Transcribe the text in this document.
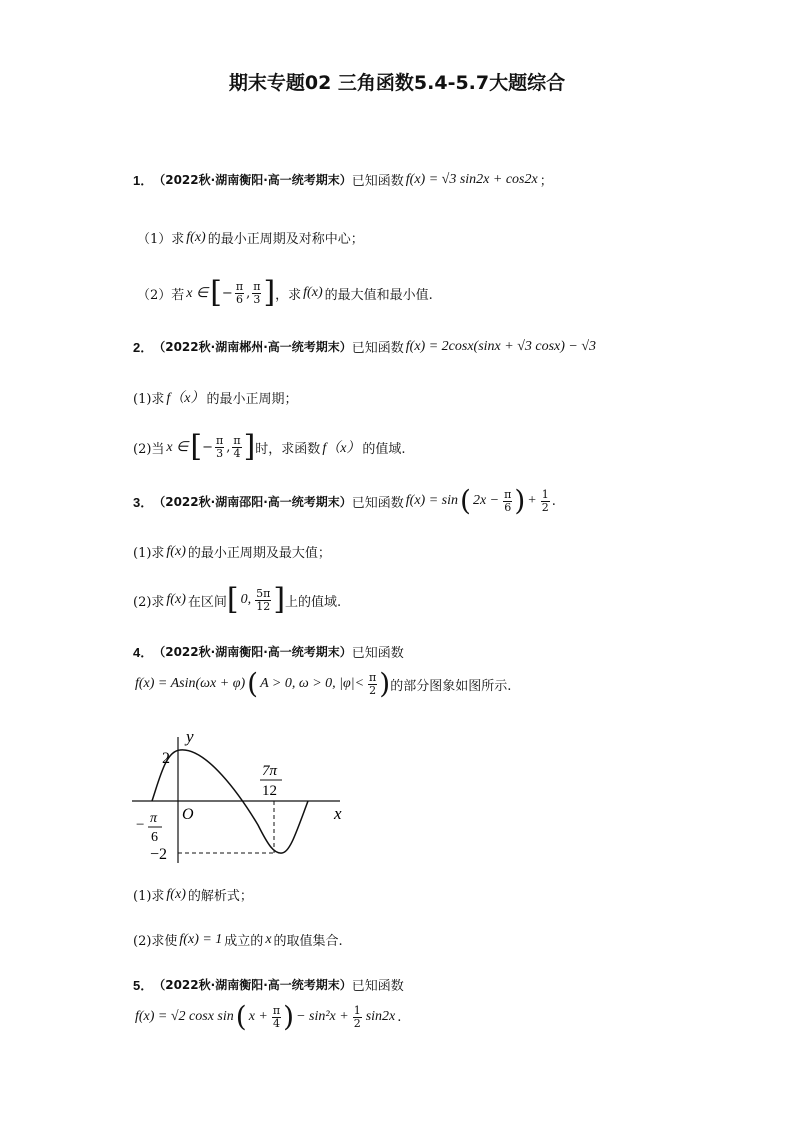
期末专题02 三角函数5.4-5.7大题综合
1． （2022秋·湖南衡阳·高一统考期末） 已知函数 f(x) = √3 sin2x + cos2x ；
（1）求 f(x) 的最小正周期及对称中心；
（2）若 x ∈ [ − $\frac{\pi}{6}$ , $\frac{\pi}{3}$ ] ，求 f(x) 的最大值和最小值.
2． （2022秋·湖南郴州·高一统考期末） 已知函数 f(x) = 2cosx(sinx + √3 cosx) − √3
(1)求 f（x） 的最小正周期；
(2)当 x ∈ [ − $\frac{\pi}{3}$ , $\frac{\pi}{4}$ ] 时，求函数 f（x） 的值域.
3． （2022秋·湖南邵阳·高一统考期末） 已知函数 f(x) = sin ( $2x - \frac{\pi}{6}$ ) + $\frac{1}{2}$ .
(1)求 f(x) 的最小正周期及最大值；
(2)求 f(x) 在区间 [ 0, $\frac{5\pi}{12}$ ] 上的值域.
4． （2022秋·湖南衡阳·高一统考期末） 已知函数
f(x) = Asin(ωx + φ) ( A > 0, ω > 0, $|\varphi|< \frac{\pi}{2}$ ) 的部分图象如图所示.
y
x
O
2
−2
− π
6
7π
12
(1)求 f(x) 的解析式；
(2)求使 f(x) = 1 成立的 x 的取值集合.
5． （2022秋·湖南衡阳·高一统考期末） 已知函数
f(x) = √2 cosx sin ( $x + \frac{\pi}{4}$ ) − $\sin^2x + \frac{1}{2} \sin 2x$ .
